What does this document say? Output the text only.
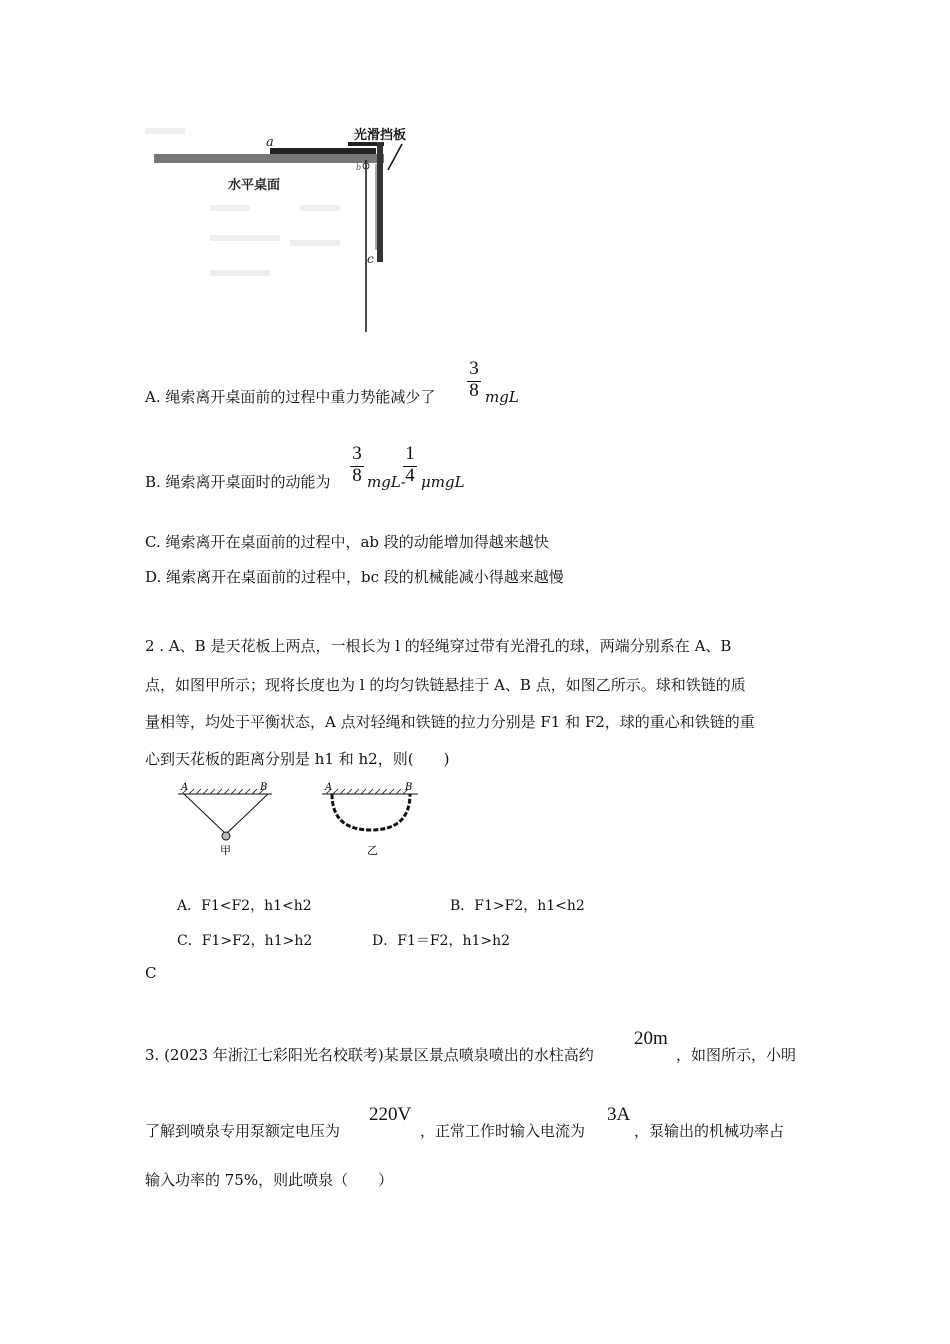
a
b
c
光滑挡板
水平桌面
A. 绳索离开桌面前的过程中重力势能减少了
3
8 mgL
B. 绳索离开桌面时的动能为
3
8 mgL-
1
4 μmgL
C. 绳索离开在桌面前的过程中，ab 段的动能增加得越来越快
D. 绳索离开在桌面前的过程中，bc 段的机械能减小得越来越慢
2 . A、B 是天花板上两点，一根长为 l 的轻绳穿过带有光滑孔的球，两端分别系在 A、B
点，如图甲所示；现将长度也为 l 的均匀铁链悬挂于 A、B 点，如图乙所示。球和铁链的质
量相等，均处于平衡状态，A 点对轻绳和铁链的拉力分别是 F1 和 F2，球的重心和铁链的重
心到天花板的距离分别是 h1 和 h2，则(　　)
A	B
甲
A	B
乙
A．F1<F2，h1<h2	B．F1>F2，h1<h2
C．F1>F2，h1>h2	D．F1＝F2，h1>h2
C
3. (2023 年浙江七彩阳光名校联考)某景区景点喷泉喷出的水柱高约
20m
，如图所示，小明
了解到喷泉专用泵额定电压为
220V
，正常工作时输入电流为
3A
，泵输出的机械功率占
输入功率的 75%，则此喷泉（　　）
